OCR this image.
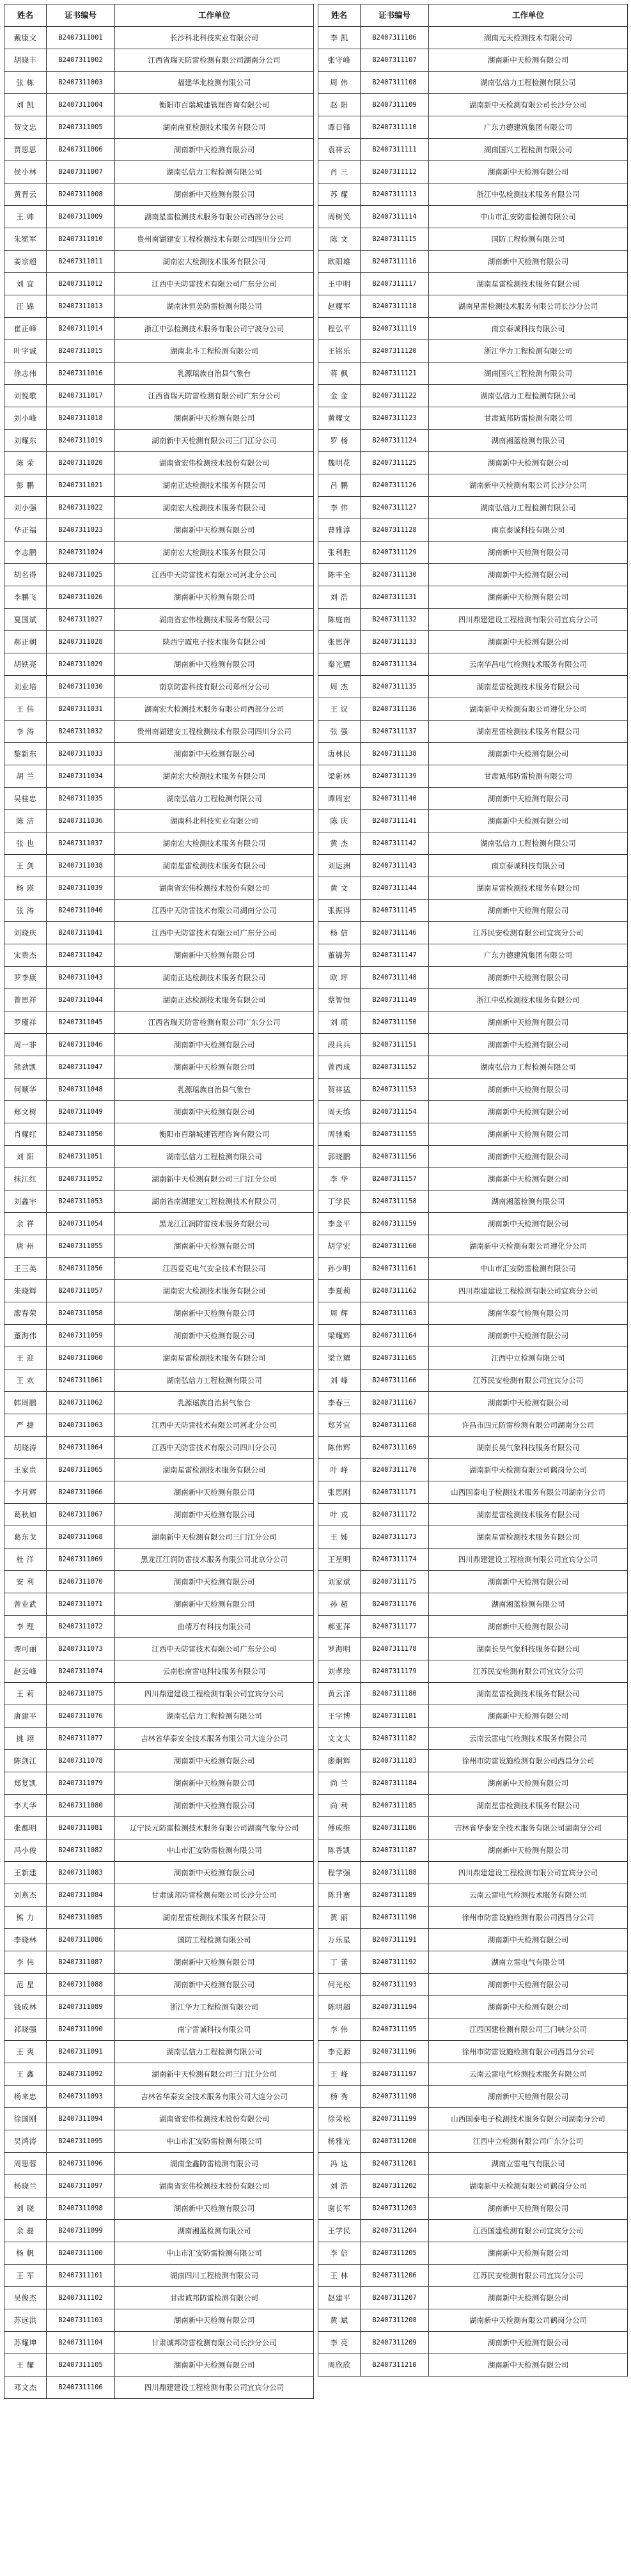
姓名	证书编号	工作单位
戴康文	B2407311001	长沙科北科技实业有限公司
胡晓丰	B2407311002	江西省瑞天防雷检测有限公司湖南分公司
张 栋	B2407311003	福建华北检测有限公司
刘 凯	B2407311004	衡阳市百瑞城建管理咨询有限公司
贺文忠	B2407311005	湖南南亚检测技术服务有限公司
贾思思	B2407311006	湖南新中天检测有限公司
侯小林	B2407311007	湖南弘信力工程检测有限公司
黄晋云	B2407311008	湖南新中天检测有限公司
王 帅	B2407311009	湖南星雷检测技术服务有限公司西部分公司
朱冕军	B2407311010	贵州南湖建安工程检测技术有限公司四川分公司
姜宗超	B2407311011	湖南宏大检测技术服务有限公司
刘 宜	B2407311012	江西中天防雷技术有限公司广东分公司
汪 锦	B2407311013	湖南沐恒美防雷检测有限公司
崔正峰	B2407311014	浙江中弘检测技术服务有限公司宁波分公司
叶宇诚	B2407311015	湖南北斗工程检测有限公司
徐志伟	B2407311016	乳源瑶族自治县气象台
刘悦歌	B2407311017	江西省瑞天防雷检测有限公司广东分公司
刘小峰	B2407311018	湖南新中天检测有限公司
刘耀东	B2407311019	湖南新中天检测有限公司三门江分公司
陈 荣	B2407311020	湖南省宏伟检测技术股份有限公司
彭 鹏	B2407311021	湖南正达检测技术服务有限公司
刘小强	B2407311022	湖南宏大检测技术服务有限公司
华正福	B2407311023	湖南新中天检测有限公司
李志鹏	B2407311024	湖南宏大检测技术服务有限公司
胡名得	B2407311025	江西中天防雷技术有限公司河北分公司
李鹏飞	B2407311026	湖南新中天检测有限公司
夏国斌	B2407311027	湖南省宏伟检测技术服务有限公司
郝正朝	B2407311028	陕西宁霞电子技术服务有限公司
胡铁亮	B2407311029	湖南新中天检测有限公司
刘业培	B2407311030	南京防雷科技有限公司郑州分公司
王 伟	B2407311031	湖南宏大检测技术服务有限公司西部分公司
李 涛	B2407311032	贵州南湖建安工程检测技术有限公司四川分公司
黎新东	B2407311033	湖南新中天检测有限公司
胡 兰	B2407311034	湖南宏大检测技术服务有限公司
吴桂忠	B2407311035	湖南弘信力工程检测有限公司
陈 洁	B2407311036	湖南科北科技实业有限公司
张 也	B2407311037	湖南宏大检测技术服务有限公司
王 剑	B2407311038	湖南星雷检测技术服务有限公司
杨 瑛	B2407311039	湖南省宏伟检测技术股份有限公司
张 涛	B2407311040	江西中天防雷技术有限公司湖南分公司
刘晓庆	B2407311041	江西中天防雷技术有限公司广东分公司
宋贵杰	B2407311042	湖南新中天检测有限公司
罗李康	B2407311043	湖南正达检测技术服务有限公司
曾思祥	B2407311044	湖南正达检测技术服务有限公司
罗瑾祥	B2407311045	江西省瑞天防雷检测有限公司广东分公司
周一非	B2407311046	湖南新中天检测有限公司
熊劲凯	B2407311047	湖南新中天检测有限公司
何顺华	B2407311048	乳源瑶族自治县气象台
郑文树	B2407311049	湖南新中天检测有限公司
肖耀红	B2407311050	衡阳市百瑞城建管理咨询有限公司
刘 阳	B2407311051	湖南弘信力工程检测有限公司
抹江红	B2407311052	湖南新中天检测有限公司三门江分公司
刘鑫宇	B2407311053	湖南省南湖建安工程检测技术有限公司
余 祥	B2407311054	黑龙江江润防雷技术服务有限公司
唐 州	B2407311055	湖南新中天检测有限公司
王三美	B2407311056	江西爱克电气安全技术有限公司
朱晓辉	B2407311057	湖南宏大检测技术服务有限公司
廖春荣	B2407311058	湖南新中天检测有限公司
董海伟	B2407311059	湖南新中天检测有限公司
王 迎	B2407311060	湖南星雷检测技术服务有限公司
王 欢	B2407311061	湖南弘信力工程检测有限公司
韩周鹏	B2407311062	乳源瑶族自治县气象台
严 捷	B2407311063	江西中天防雷技术有限公司河北分公司
胡晓涛	B2407311064	江西中天防雷技术有限公司四川分公司
王家贵	B2407311065	湖南星雷检测技术服务有限公司
李月辉	B2407311066	湖南新中天检测有限公司
葛秋如	B2407311067	湖南新中天检测有限公司
葛东戈	B2407311068	湖南新中天检测有限公司三门江分公司
杜 洋	B2407311069	黑龙江江润防雷技术服务有限公司北京分公司
安 利	B2407311070	湖南新中天检测有限公司
曾业武	B2407311071	湖南新中天检测有限公司
李 理	B2407311072	曲靖万有科技有限公司
谭可丽	B2407311073	江西中天防雷技术有限公司广东分公司
赵云峰	B2407311074	云南松南雷电科技服务有限公司
王 莉	B2407311075	四川鼎建建设工程检测有限公司宜宾分公司
唐建平	B2407311076	湖南弘信力工程检测有限公司
挑 翊	B2407311077	吉林省华泰安全技术服务有限公司大连分公司
陈剑江	B2407311078	湖南新中天检测有限公司
郑复凯	B2407311079	湖南新中天检测有限公司
李大华	B2407311080	湖南新中天检测有限公司
张郡明	B2407311081	辽宁民元防雷检测技术服务有限公司湖南气象分公司
冯小俊	B2407311082	中山市汇安防雷检测有限公司
王新建	B2407311083	湖南新中天检测有限公司
刘燕杰	B2407311084	甘肃诚邦防雷检测有限公司长沙分公司
熊 力	B2407311085	湖南星雷检测技术服务有限公司
李晓林	B2407311086	国防工程检测有限公司
李 伟	B2407311087	湖南新中天检测有限公司
范 星	B2407311088	湖南新中天检测有限公司
钱成林	B2407311089	浙江华力工程检测有限公司
祁晓强	B2407311090	南宁雷诚科技有限公司
王 爽	B2407311091	湖南弘信力工程检测有限公司
王 鑫	B2407311092	湖南新中天检测有限公司三门江分公司
杨来忠	B2407311093	吉林省华泰安全技术服务有限公司大连分公司
徐国刚	B2407311094	湖南省宏伟检测技术股份有限公司
吴鸿涛	B2407311095	中山市汇安防雷检测有限公司
周思蓉	B2407311096	湖南金鑫防雷检测有限公司
杨晓兰	B2407311097	湖南省宏伟检测技术股份有限公司
刘 晓	B2407311098	湖南新中天检测有限公司
余 磊	B2407311099	湖南湘蓝检测有限公司
杨 帆	B2407311100	中山市汇安防雷检测有限公司
王 军	B2407311101	湖南四川工程检测有限公司
吴俊杰	B2407311102	甘肃诚邦防雷检测有限公司
苏远洪	B2407311103	湖南新中天检测有限公司
苏耀坤	B2407311104	甘肃诚邦防雷检测有限公司长沙分公司
王 耀	B2407311105	湖南新中天检测有限公司
邓文杰	B2407311106	四川鼎建建设工程检测有限公司宜宾分公司
姓名	证书编号	工作单位
李 凯	B2407311106	湖南元天检测技术有限公司
张守峰	B2407311107	湖南新中天检测有限公司
周 伟	B2407311108	湖南弘信力工程检测有限公司
赵 阳	B2407311109	湖南新中天检测有限公司长沙分公司
谭日锋	B2407311110	广东力德建筑集团有限公司
袁祥云	B2407311111	湖南国兴工程检测有限公司
肖 三	B2407311112	湖南新中天检测有限公司
苏 耀	B2407311113	浙江中弘检测技术服务有限公司
周树笑	B2407311114	中山市汇安防雷检测有限公司
陈 文	B2407311115	国防工程检测有限公司
欧阳雄	B2407311116	湖南新中天检测有限公司
王中明	B2407311117	湖南星雷检测技术服务有限公司
赵耀军	B2407311118	湖南星雷检测技术服务有限公司长沙分公司
程弘平	B2407311119	南京泰诚科技有限公司
王铭乐	B2407311120	浙江华力工程检测有限公司
蒋 枫	B2407311121	湖南国兴工程检测有限公司
金 金	B2407311122	湖南弘信力工程检测有限公司
黄耀文	B2407311123	甘肃诚邦防雷检测有限公司
罗 杨	B2407311124	湖南湘蓝检测有限公司
魏明花	B2407311125	湖南新中天检测有限公司
吕 鹏	B2407311126	湖南新中天检测有限公司长沙分公司
李 伟	B2407311127	湖南弘信力工程检测有限公司
曹雅淳	B2407311128	南京泰诚科技有限公司
张利胜	B2407311129	湖南新中天检测有限公司
陈丰全	B2407311130	湖南新中天检测有限公司
刘 浩	B2407311131	湖南新中天检测有限公司
陈庭南	B2407311132	四川鼎建建设工程检测有限公司宜宾分公司
张思萍	B2407311133	湖南新中天检测有限公司
秦光耀	B2407311134	云南华昌电气检测技术服务有限公司
周 杰	B2407311135	湖南星雷检测技术服务有限公司
王 议	B2407311136	湖南新中天检测有限公司遵化分公司
张 强	B2407311137	湖南星雷检测技术服务有限公司
唐林民	B2407311138	湖南新中天检测有限公司
梁新林	B2407311139	甘肃诚邦防雷检测有限公司
谭周宏	B2407311140	湖南新中天检测有限公司
陈 庆	B2407311141	湖南新中天检测有限公司
黄 杰	B2407311142	湖南弘信力工程检测有限公司
刘运洲	B2407311143	南京泰诚科技有限公司
黄 文	B2407311144	湖南星雷检测技术服务有限公司
张振得	B2407311145	湖南新中天检测有限公司
杨 信	B2407311146	江苏民安检测有限公司宜宾分公司
董锦芳	B2407311147	广东力德建筑集团有限公司
欧 坪	B2407311148	湖南新中天检测有限公司
蔡智恒	B2407311149	浙江中弘检测技术服务有限公司
刘 萌	B2407311150	湖南新中天检测有限公司
段兵兵	B2407311151	湖南新中天检测有限公司
曾西成	B2407311152	湖南弘信力工程检测有限公司
贺祥猛	B2407311153	湖南新中天检测有限公司
周天练	B2407311154	湖南新中天检测有限公司
周驰乘	B2407311155	湖南新中天检测有限公司
郭晓鹏	B2407311156	湖南新中天检测有限公司
李 华	B2407311157	湖南新中天检测有限公司
丁学民	B2407311158	湖南湘蓝检测有限公司
李金平	B2407311159	湖南新中天检测有限公司
胡学宏	B2407311160	湖南新中天检测有限公司遵化分公司
孙少明	B2407311161	中山市汇安防雷检测有限公司
李夏莉	B2407311162	四川鼎建建设工程检测有限公司宜宾分公司
周 辉	B2407311163	湖南华泰气检测有限公司
梁耀辉	B2407311164	湖南新中天检测有限公司
梁立耀	B2407311165	江西中立检测有限公司
刘 峰	B2407311166	江苏民安检测有限公司宜宾分公司
李春三	B2407311167	湖南新中天检测有限公司
郑芳宜	B2407311168	许昌市四元防雷检测有限公司湖南分公司
陈伟辉	B2407311169	湖南长昊气象科技服务有限公司
叶 峰	B2407311170	湖南新中天检测有限公司鹤岗分公司
张思刚	B2407311171	山西国泰电子检测技术服务有限公司湖南分公司
叶 戎	B2407311172	湖南星雷检测技术服务有限公司
王 姊	B2407311173	湖南星雷检测技术服务有限公司
王星明	B2407311174	四川鼎建建设工程检测有限公司宜宾分公司
刘家斌	B2407311175	湖南新中天检测有限公司
孙 超	B2407311176	湖南湘蓝检测有限公司
郝亚萍	B2407311177	湖南新中天检测有限公司
罗海明	B2407311178	湖南长昊气象科技服务有限公司
刘孝珍	B2407311179	江苏民安检测有限公司宜宾分公司
黄云洋	B2407311180	湖南星雷检测技术服务有限公司
王宇博	B2407311181	湖南新中天检测有限公司
文文太	B2407311182	云南云雷电气检测技术服务有限公司
廖炯辉	B2407311183	徐州市防雷设施检测有限公司西昌分公司
尚 兰	B2407311184	湖南新中天检测有限公司
尚 利	B2407311185	湖南星雷检测技术服务有限公司
傅成维	B2407311186	吉林省华泰安全技术服务有限公司湖南分公司
陈香凯	B2407311187	湖南新中天检测有限公司
程学强	B2407311188	四川鼎建建设工程检测有限公司宜宾分公司
陈升赛	B2407311189	云南云雷电气检测技术服务有限公司
黄 丽	B2407311190	徐州市防雷设施检测有限公司西昌分公司
万乐星	B2407311191	湖南新中天检测有限公司
丁 蕾	B2407311192	湖南立雷电气有限公司
何光松	B2407311193	湖南新中天检测有限公司
陈明超	B2407311194	湖南新中天检测有限公司
李 伟	B2407311195	江西国建检测有限公司三门峡分公司
李克源	B2407311196	徐州市防雷设施检测有限公司西昌分公司
王 峰	B2407311197	云南云雷电气检测技术服务有限公司
杨 秀	B2407311198	湖南新中天检测有限公司
徐荣松	B2407311199	山西国泰电子检测技术服务有限公司湖南分公司
杨雅光	B2407311200	江西中立检测有限公司广东分公司
冯 达	B2407311201	湖南立雷电气有限公司
刘 浩	B2407311202	湖南新中天检测有限公司鹤岗分公司
谢长军	B2407311203	湖南新中天检测有限公司
王学民	B2407311204	江西国建检测有限公司宜宾分公司
李 信	B2407311205	湖南新中天检测有限公司
王 林	B2407311206	江苏民安检测有限公司宜宾分公司
赵建平	B2407311207	湖南新中天检测有限公司
黄 斌	B2407311208	湖南新中天检测有限公司鹤岗分公司
李 亮	B2407311209	湖南新中天检测有限公司
周欣欣	B2407311210	湖南新中天检测有限公司
